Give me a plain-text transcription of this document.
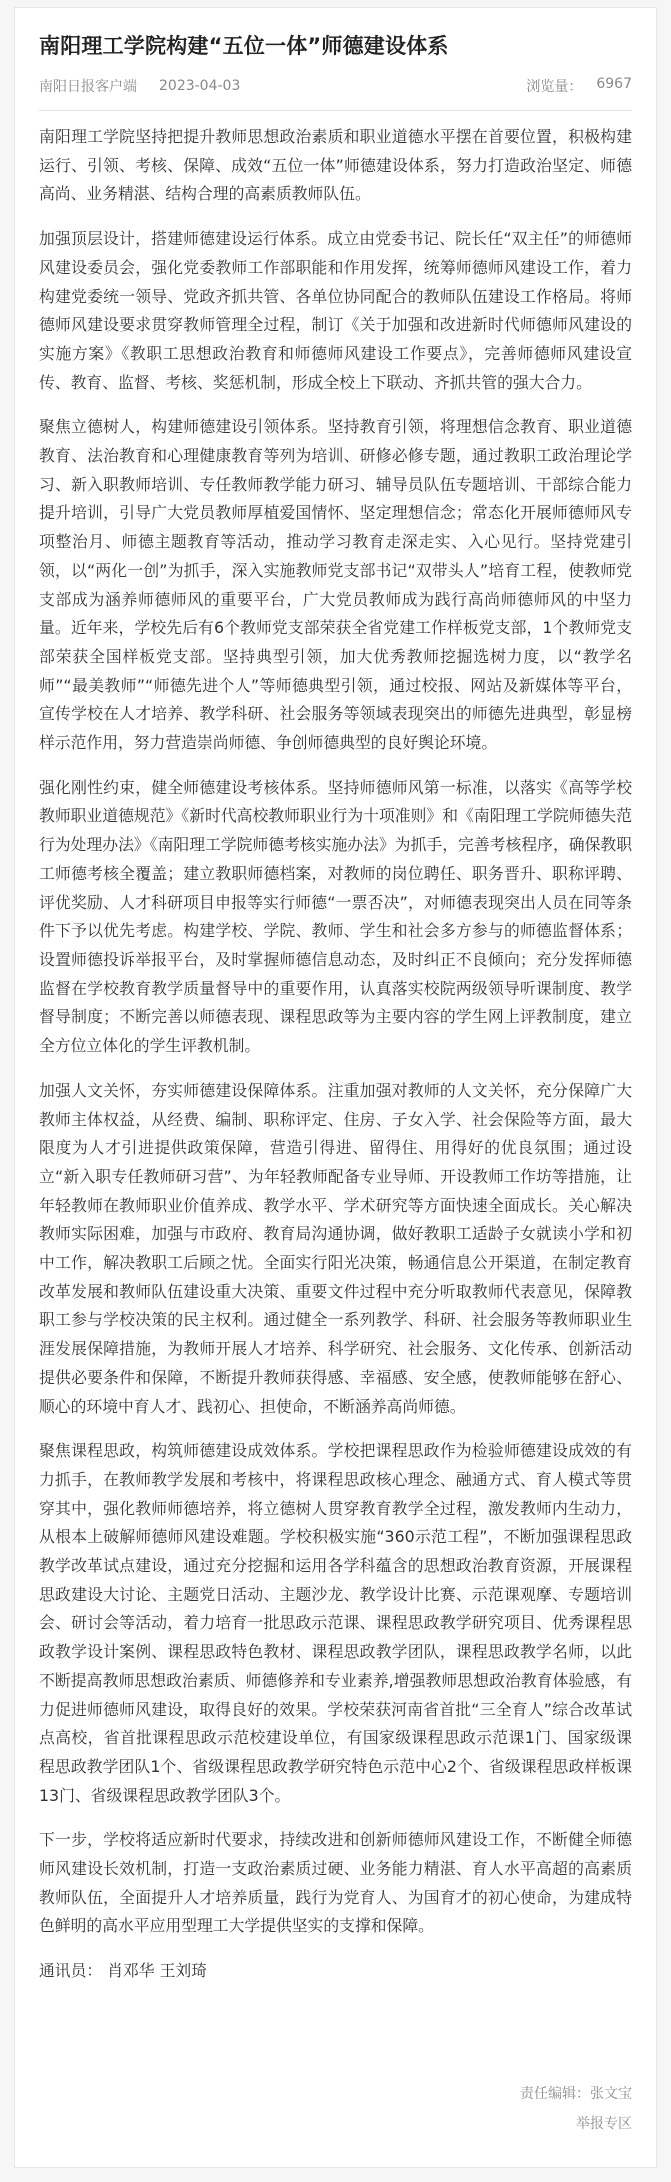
南阳理工学院构建“五位一体”师德建设体系
南阳日报客户端 2023-04-03	浏览量： 6967

南阳理工学院坚持把提升教师思想政治素质和职业道德水平摆在首要位置，积极构建运行、引领、考核、保障、成效“五位一体”师德建设体系，努力打造政治坚定、师德高尚、业务精湛、结构合理的高素质教师队伍。

加强顶层设计，搭建师德建设运行体系。成立由党委书记、院长任“双主任”的师德师风建设委员会，强化党委教师工作部职能和作用发挥，统筹师德师风建设工作，着力构建党委统一领导、党政齐抓共管、各单位协同配合的教师队伍建设工作格局。将师德师风建设要求贯穿教师管理全过程，制订《关于加强和改进新时代师德师风建设的实施方案》《教职工思想政治教育和师德师风建设工作要点》，完善师德师风建设宣传、教育、监督、考核、奖惩机制，形成全校上下联动、齐抓共管的强大合力。

聚焦立德树人，构建师德建设引领体系。坚持教育引领，将理想信念教育、职业道德教育、法治教育和心理健康教育等列为培训、研修必修专题，通过教职工政治理论学习、新入职教师培训、专任教师教学能力研习、辅导员队伍专题培训、干部综合能力提升培训，引导广大党员教师厚植爱国情怀、坚定理想信念；常态化开展师德师风专项整治月、师德主题教育等活动，推动学习教育走深走实、入心见行。坚持党建引领，以“两化一创”为抓手，深入实施教师党支部书记“双带头人”培育工程，使教师党支部成为涵养师德师风的重要平台，广大党员教师成为践行高尚师德师风的中坚力量。近年来，学校先后有6个教师党支部荣获全省党建工作样板党支部，1个教师党支部荣获全国样板党支部。坚持典型引领，加大优秀教师挖掘选树力度，以“教学名师”“最美教师”“师德先进个人”等师德典型引领，通过校报、网站及新媒体等平台，宣传学校在人才培养、教学科研、社会服务等领域表现突出的师德先进典型，彰显榜样示范作用，努力营造崇尚师德、争创师德典型的良好舆论环境。

强化刚性约束，健全师德建设考核体系。坚持师德师风第一标准，以落实《高等学校教师职业道德规范》《新时代高校教师职业行为十项准则》和《南阳理工学院师德失范行为处理办法》《南阳理工学院师德考核实施办法》为抓手，完善考核程序，确保教职工师德考核全覆盖；建立教职师德档案，对教师的岗位聘任、职务晋升、职称评聘、评优奖励、人才科研项目申报等实行师德“一票否决”，对师德表现突出人员在同等条件下予以优先考虑。构建学校、学院、教师、学生和社会多方参与的师德监督体系；设置师德投诉举报平台，及时掌握师德信息动态，及时纠正不良倾向；充分发挥师德监督在学校教育教学质量督导中的重要作用，认真落实校院两级领导听课制度、教学督导制度；不断完善以师德表现、课程思政等为主要内容的学生网上评教制度，建立全方位立体化的学生评教机制。

加强人文关怀，夯实师德建设保障体系。注重加强对教师的人文关怀，充分保障广大教师主体权益，从经费、编制、职称评定、住房、子女入学、社会保险等方面，最大限度为人才引进提供政策保障，营造引得进、留得住、用得好的优良氛围；通过设立“新入职专任教师研习营”、为年轻教师配备专业导师、开设教师工作坊等措施，让年轻教师在教师职业价值养成、教学水平、学术研究等方面快速全面成长。关心解决教师实际困难，加强与市政府、教育局沟通协调，做好教职工适龄子女就读小学和初中工作，解决教职工后顾之忧。全面实行阳光决策，畅通信息公开渠道，在制定教育改革发展和教师队伍建设重大决策、重要文件过程中充分听取教师代表意见，保障教职工参与学校决策的民主权利。通过健全一系列教学、科研、社会服务等教师职业生涯发展保障措施，为教师开展人才培养、科学研究、社会服务、文化传承、创新活动提供必要条件和保障，不断提升教师获得感、幸福感、安全感，使教师能够在舒心、顺心的环境中育人才、践初心、担使命，不断涵养高尚师德。

聚焦课程思政，构筑师德建设成效体系。学校把课程思政作为检验师德建设成效的有力抓手，在教师教学发展和考核中，将课程思政核心理念、融通方式、育人模式等贯穿其中，强化教师师德培养，将立德树人贯穿教育教学全过程，激发教师内生动力，从根本上破解师德师风建设难题。学校积极实施“360示范工程”，不断加强课程思政教学改革试点建设，通过充分挖掘和运用各学科蕴含的思想政治教育资源，开展课程思政建设大讨论、主题党日活动、主题沙龙、教学设计比赛、示范课观摩、专题培训会、研讨会等活动，着力培育一批思政示范课、课程思政教学研究项目、优秀课程思政教学设计案例、课程思政特色教材、课程思政教学团队，课程思政教学名师，以此不断提高教师思想政治素质、师德修养和专业素养,增强教师思想政治教育体验感，有力促进师德师风建设，取得良好的效果。学校荣获河南省首批“三全育人”综合改革试点高校，省首批课程思政示范校建设单位，有国家级课程思政示范课1门、国家级课程思政教学团队1个、省级课程思政教学研究特色示范中心2个、省级课程思政样板课13门、省级课程思政教学团队3个。

下一步，学校将适应新时代要求，持续改进和创新师德师风建设工作，不断健全师德师风建设长效机制，打造一支政治素质过硬、业务能力精湛、育人水平高超的高素质教师队伍，全面提升人才培养质量，践行为党育人、为国育才的初心使命，为建成特色鲜明的高水平应用型理工大学提供坚实的支撑和保障。

通讯员： 肖邓华 王刘琦

责任编辑：张文宝
举报专区
